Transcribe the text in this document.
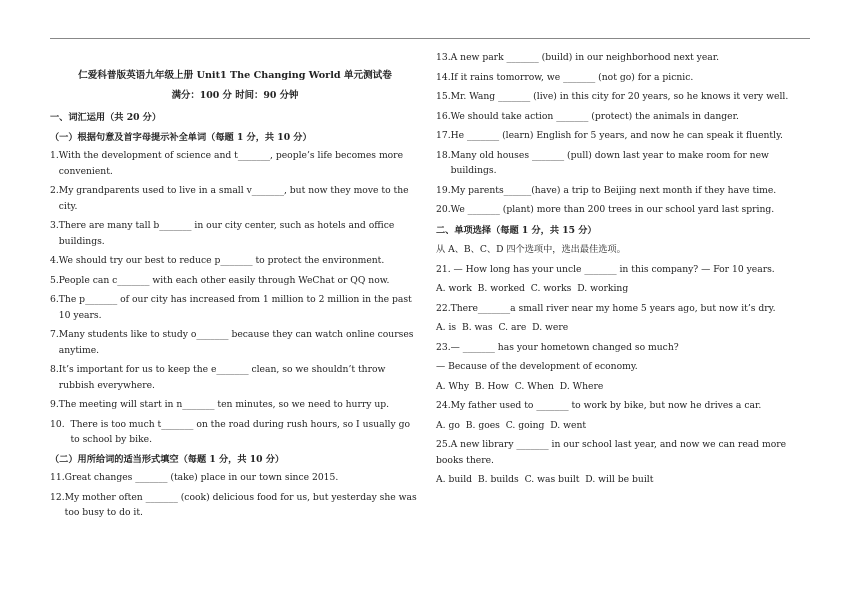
仁爱科普版英语九年级上册 Unit1 The Changing World 单元测试卷
满分：100 分 时间：90 分钟
一、词汇运用（共 20 分）
（一）根据句意及首字母提示补全单词（每题 1 分，共 10 分）
1. With the development of science and t_______, people’s life becomes more convenient.
2. My grandparents used to live in a small v_______, but now they move to the city.
3. There are many tall b_______ in our city center, such as hotels and office buildings.
4. We should try our best to reduce p_______ to protect the environment.
5. People can c_______ with each other easily through WeChat or QQ now.
6. The p_______ of our city has increased from 1 million to 2 million in the past 10 years.
7. Many students like to study o_______ because they can watch online courses anytime.
8. It’s important for us to keep the e_______ clean, so we shouldn’t throw rubbish everywhere.
9. The meeting will start in n_______ ten minutes, so we need to hurry up.
10. There is too much t_______ on the road during rush hours, so I usually go to school by bike.
（二）用所给词的适当形式填空（每题 1 分，共 10 分）
11. Great changes _______ (take) place in our town since 2015.
12. My mother often _______ (cook) delicious food for us, but yesterday she was too busy to do it.
13. A new park _______ (build) in our neighborhood next year.
14. If it rains tomorrow, we _______ (not go) for a picnic.
15. Mr. Wang _______ (live) in this city for 20 years, so he knows it very well.
16. We should take action _______ (protect) the animals in danger.
17. He _______ (learn) English for 5 years, and now he can speak it fluently.
18. Many old houses _______ (pull) down last year to make room for new buildings.
19. My parents______(have) a trip to Beijing next month if they have time.
20. We _______ (plant) more than 200 trees in our school yard last spring.
二、单项选择（每题 1 分，共 15 分）
从 A、B、C、D 四个选项中，选出最佳选项。
21. — How long has your uncle _______ in this company? — For 10 years.
A. work  B. worked  C. works  D. working
22.There_______a small river near my home 5 years ago, but now it’s dry.
A. is  B. was  C. are  D. were
23.— _______ has your hometown changed so much?
— Because of the development of economy.
A. Why  B. How  C. When  D. Where
24.My father used to _______ to work by bike, but now he drives a car.
A. go  B. goes  C. going  D. went
25.A new library _______ in our school last year, and now we can read more books there.
A. build  B. builds  C. was built  D. will be built
